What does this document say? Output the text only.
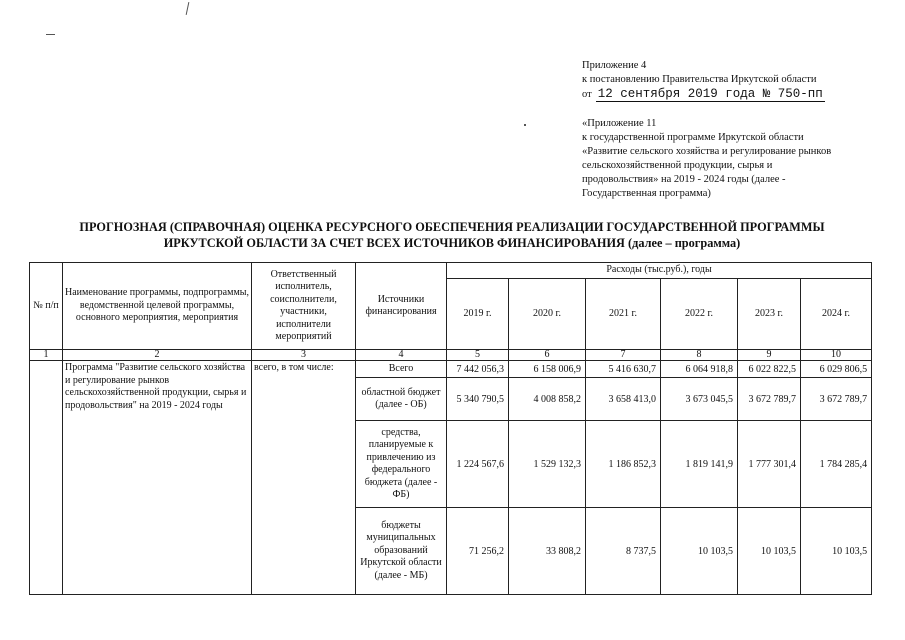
Приложение 4
к постановлению Правительства Иркутской области
от 12 сентября 2019 года № 750-пп
«Приложение 11
к государственной программе Иркутской области
«Развитие сельского хозяйства и регулирование рынков
сельскохозяйственной продукции, сырья и
продовольствия» на 2019 - 2024 годы (далее -
Государственная программа)
ПРОГНОЗНАЯ (СПРАВОЧНАЯ) ОЦЕНКА РЕСУРСНОГО ОБЕСПЕЧЕНИЯ РЕАЛИЗАЦИИ ГОСУДАРСТВЕННОЙ ПРОГРАММЫ
ИРКУТСКОЙ ОБЛАСТИ ЗА СЧЕТ ВСЕХ ИСТОЧНИКОВ ФИНАНСИРОВАНИЯ (далее – программа)
№ п/п	Наименование программы, подпрограммы, ведомственной целевой программы, основного мероприятия, мероприятия	Ответственный исполнитель, соисполнители, участники, исполнители мероприятий	Источники финансирования	Расходы (тыс.руб.), годы					
				2019 г.	2020 г.	2021 г.	2022 г.	2023 г.	2024 г.
1	2	3	4	5	6	7	8	9	10
	Программа "Развитие сельского хозяйства и регулирование рынков сельскохозяйственной продукции, сырья и продовольствия" на 2019 - 2024 годы	всего, в том числе:	Всего	7 442 056,3	6 158 006,9	5 416 630,7	6 064 918,8	6 022 822,5	6 029 806,5
			областной бюджет (далее - ОБ)	5 340 790,5	4 008 858,2	3 658 413,0	3 673 045,5	3 672 789,7	3 672 789,7
			средства, планируемые к привлечению из федерального бюджета (далее - ФБ)	1 224 567,6	1 529 132,3	1 186 852,3	1 819 141,9	1 777 301,4	1 784 285,4
			бюджеты муниципальных образований Иркутской области (далее - МБ)	71 256,2	33 808,2	8 737,5	10 103,5	10 103,5	10 103,5
